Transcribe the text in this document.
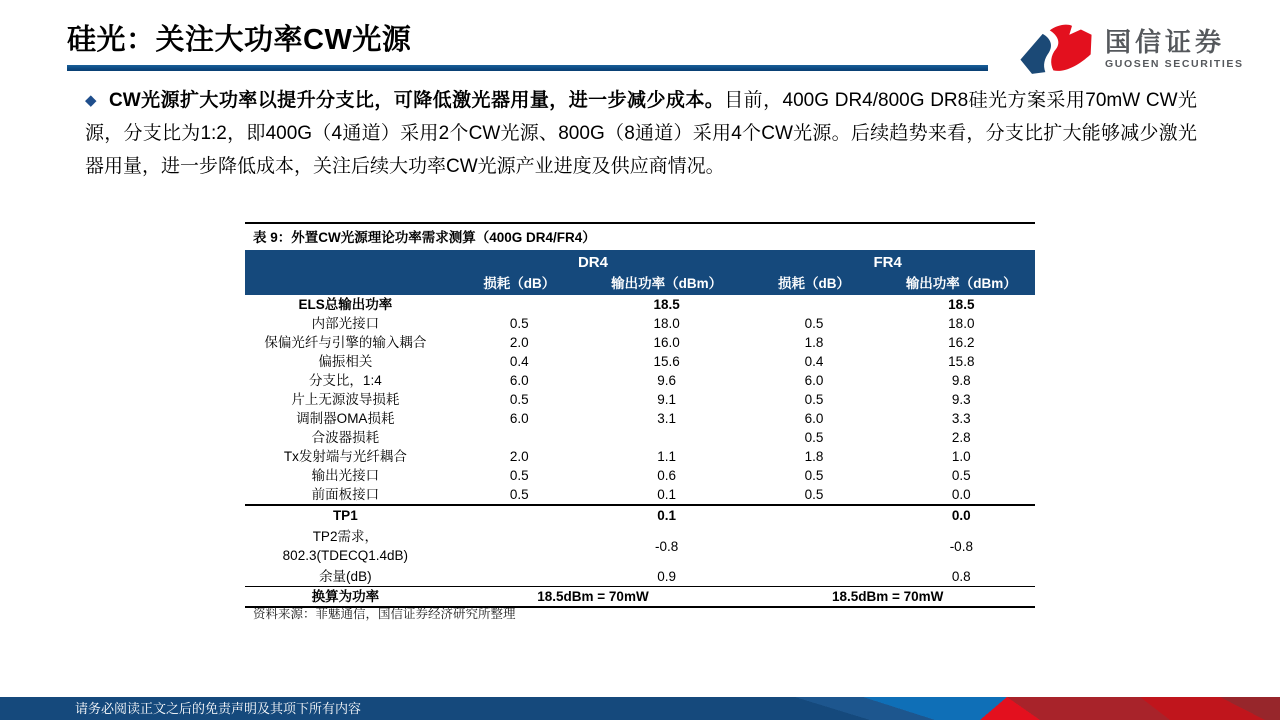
硅光：关注大功率CW光源	国信证券
GUOSEN SECURITIES
◆ CW光源扩大功率以提升分支比，可降低激光器用量，进一步减少成本。目前，400G DR4/800G DR8硅光方案采用70mW CW光源，分支比为1:2，即400G（4通道）采用2个CW光源、800G（8通道）采用4个CW光源。后续趋势来看，分支比扩大能够减少激光器用量，进一步降低成本，关注后续大功率CW光源产业进度及供应商情况。
表 9：外置CW光源理论功率需求测算（400G DR4/FR4）
	DR4		FR4	
	损耗（dB）	输出功率（dBm）	损耗（dB）	输出功率（dBm）
ELS总输出功率		18.5		18.5
内部光接口	0.5	18.0	0.5	18.0
保偏光纤与引擎的输入耦合	2.0	16.0	1.8	16.2
偏振相关	0.4	15.6	0.4	15.8
分支比，1:4	6.0	9.6	6.0	9.8
片上无源波导损耗	0.5	9.1	0.5	9.3
调制器OMA损耗	6.0	3.1	6.0	3.3
合波器损耗			0.5	2.8
Tx发射端与光纤耦合	2.0	1.1	1.8	1.0
输出光接口	0.5	0.6	0.5	0.5
前面板接口	0.5	0.1	0.5	0.0
TP1		0.1		0.0

TP2需求，
802.3(TDECQ1.4dB)		-0.8		-0.8
余量(dB)		0.9		0.8
换算为功率	18.5dBm = 70mW		18.5dBm = 70mW	
资料来源：菲魅通信，国信证券经济研究所整理
请务必阅读正文之后的免责声明及其项下所有内容
